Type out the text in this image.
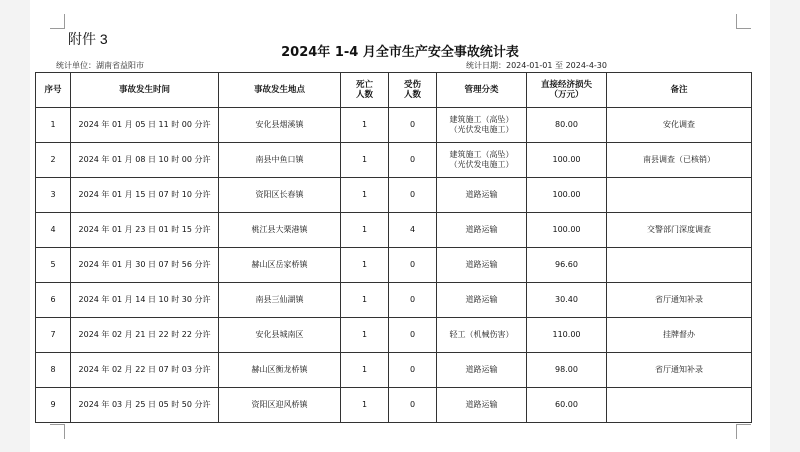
附件 3
2024年 1-4 月全市生产安全事故统计表
统计单位：湖南省益阳市	统计日期：2024-01-01 至 2024-4-30
序号	事故发生时间	事故发生地点	死亡人数	受伤人数	管理分类	直接经济损失（万元）	备注
1	2024 年 01 月 05 日 11 时 00 分许	安化县烟溪镇	1	0	建筑施工（高坠）（光伏发电施工）	80.00	安化调查
2	2024 年 01 月 08 日 10 时 00 分许	南县中鱼口镇	1	0	建筑施工（高坠）（光伏发电施工）	100.00	南县调查（已核销）
3	2024 年 01 月 15 日 07 时 10 分许	资阳区长春镇	1	0	道路运输	100.00	
4	2024 年 01 月 23 日 01 时 15 分许	桃江县大栗港镇	1	4	道路运输	100.00	交警部门深度调查
5	2024 年 01 月 30 日 07 时 56 分许	赫山区岳家桥镇	1	0	道路运输	96.60	
6	2024 年 01 月 14 日 10 时 30 分许	南县三仙湖镇	1	0	道路运输	30.40	省厅通知补录
7	2024 年 02 月 21 日 22 时 22 分许	安化县城南区	1	0	轻工（机械伤害）	110.00	挂牌督办
8	2024 年 02 月 22 日 07 时 03 分许	赫山区衡龙桥镇	1	0	道路运输	98.00	省厅通知补录
9	2024 年 03 月 25 日 05 时 50 分许	资阳区迎风桥镇	1	0	道路运输	60.00	
